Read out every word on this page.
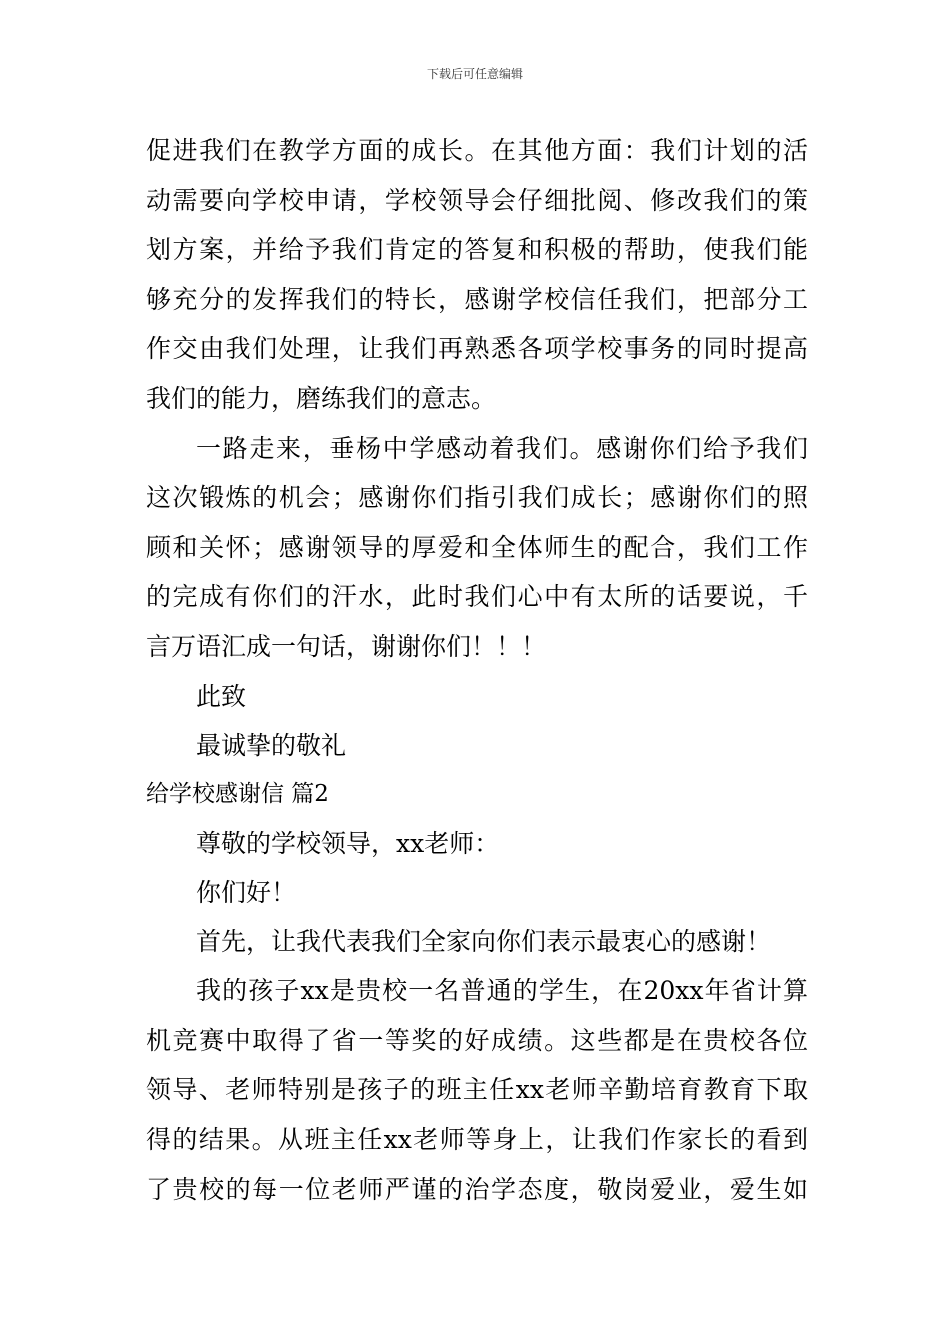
下载后可任意编辑
促进我们在教学方面的成长。在其他方面：我们计划的活
动需要向学校申请，学校领导会仔细批阅、修改我们的策
划方案，并给予我们肯定的答复和积极的帮助，使我们能
够充分的发挥我们的特长，感谢学校信任我们，把部分工
作交由我们处理，让我们再熟悉各项学校事务的同时提高
我们的能力，磨练我们的意志。
一路走来，垂杨中学感动着我们。感谢你们给予我们
这次锻炼的机会；感谢你们指引我们成长；感谢你们的照
顾和关怀；感谢领导的厚爱和全体师生的配合，我们工作
的完成有你们的汗水，此时我们心中有太所的话要说，千
言万语汇成一句话，谢谢你们！！！
此致
最诚挚的敬礼
给学校感谢信 篇2
尊敬的学校领导，xx老师：
你们好！
首先，让我代表我们全家向你们表示最衷心的感谢！
我的孩子xx是贵校一名普通的学生，在20xx年省计算
机竞赛中取得了省一等奖的好成绩。这些都是在贵校各位
领导、老师特别是孩子的班主任xx老师辛勤培育教育下取
得的结果。从班主任xx老师等身上，让我们作家长的看到
了贵校的每一位老师严谨的治学态度，敬岗爱业，爱生如
